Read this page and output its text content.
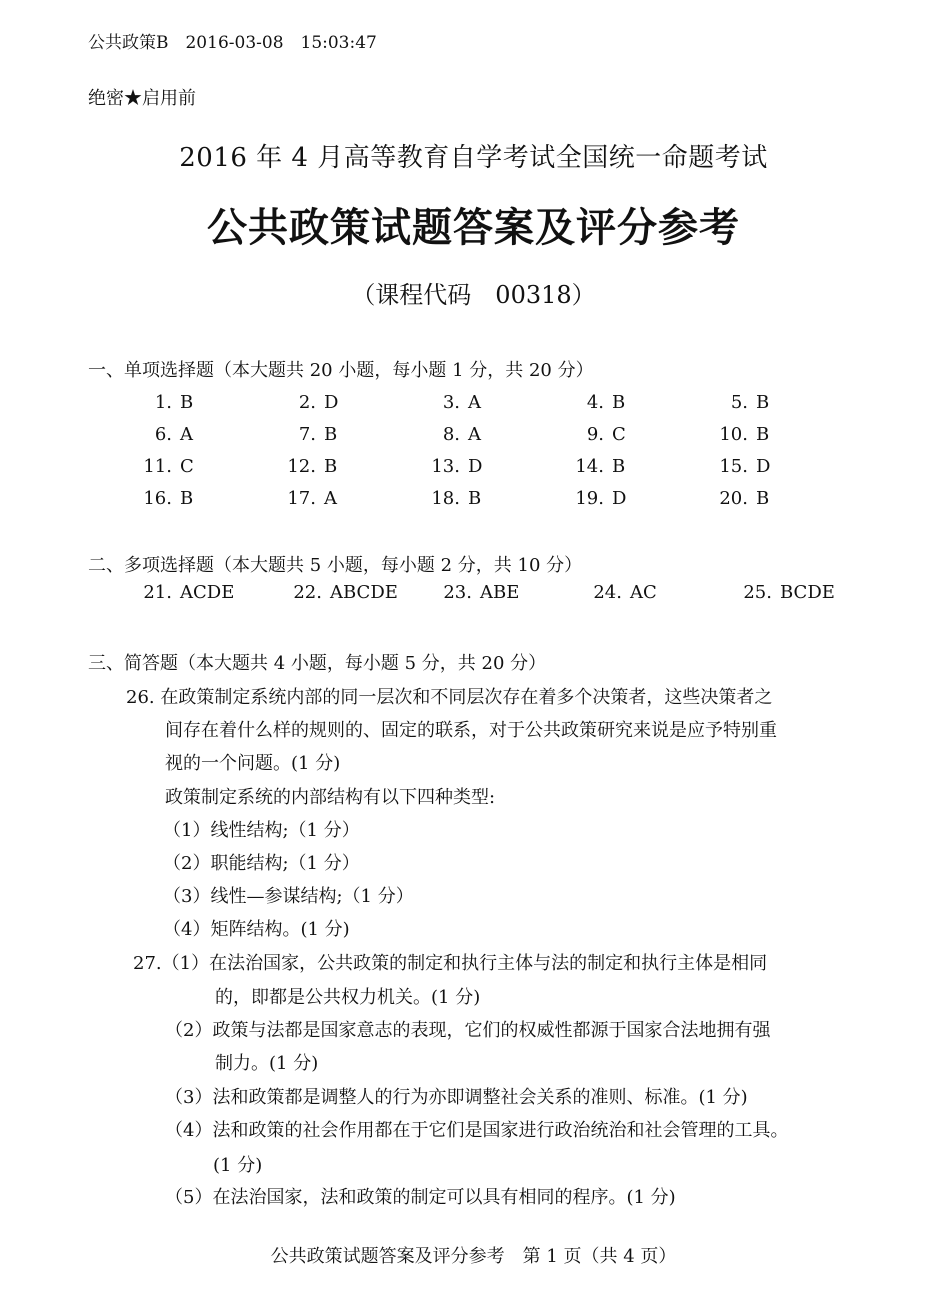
公共政策B　2016-03-08　15:03:47
绝密★启用前
2016 年 4 月高等教育自学考试全国统一命题考试
公共政策试题答案及评分参考
（课程代码　00318）
一、单项选择题（本大题共 20 小题，每小题 1 分，共 20 分）
1. B	2. D	3. A	4. B	5. B
6. A	7. B	8. A	9. C	10. B
11. C	12. B	13. D	14. B	15. D
16. B	17. A	18. B	19. D	20. B
二、多项选择题（本大题共 5 小题，每小题 2 分，共 10 分）
21. ACDE	22. ABCDE	23. ABE	24. AC	25. BCDE
三、简答题（本大题共 4 小题，每小题 5 分，共 20 分）
26. 在政策制定系统内部的同一层次和不同层次存在着多个决策者，这些决策者之
间存在着什么样的规则的、固定的联系，对于公共政策研究来说是应予特别重
视的一个问题。(1 分)
政策制定系统的内部结构有以下四种类型:
（1）线性结构;（1 分）
（2）职能结构;（1 分）
（3）线性—参谋结构;（1 分）
（4）矩阵结构。(1 分)
27.（1）在法治国家，公共政策的制定和执行主体与法的制定和执行主体是相同
的，即都是公共权力机关。(1 分)
（2）政策与法都是国家意志的表现，它们的权威性都源于国家合法地拥有强
制力。(1 分)
（3）法和政策都是调整人的行为亦即调整社会关系的准则、标准。(1 分)
（4）法和政策的社会作用都在于它们是国家进行政治统治和社会管理的工具。
(1 分)
（5）在法治国家，法和政策的制定可以具有相同的程序。(1 分)
公共政策试题答案及评分参考　第 1 页（共 4 页）
